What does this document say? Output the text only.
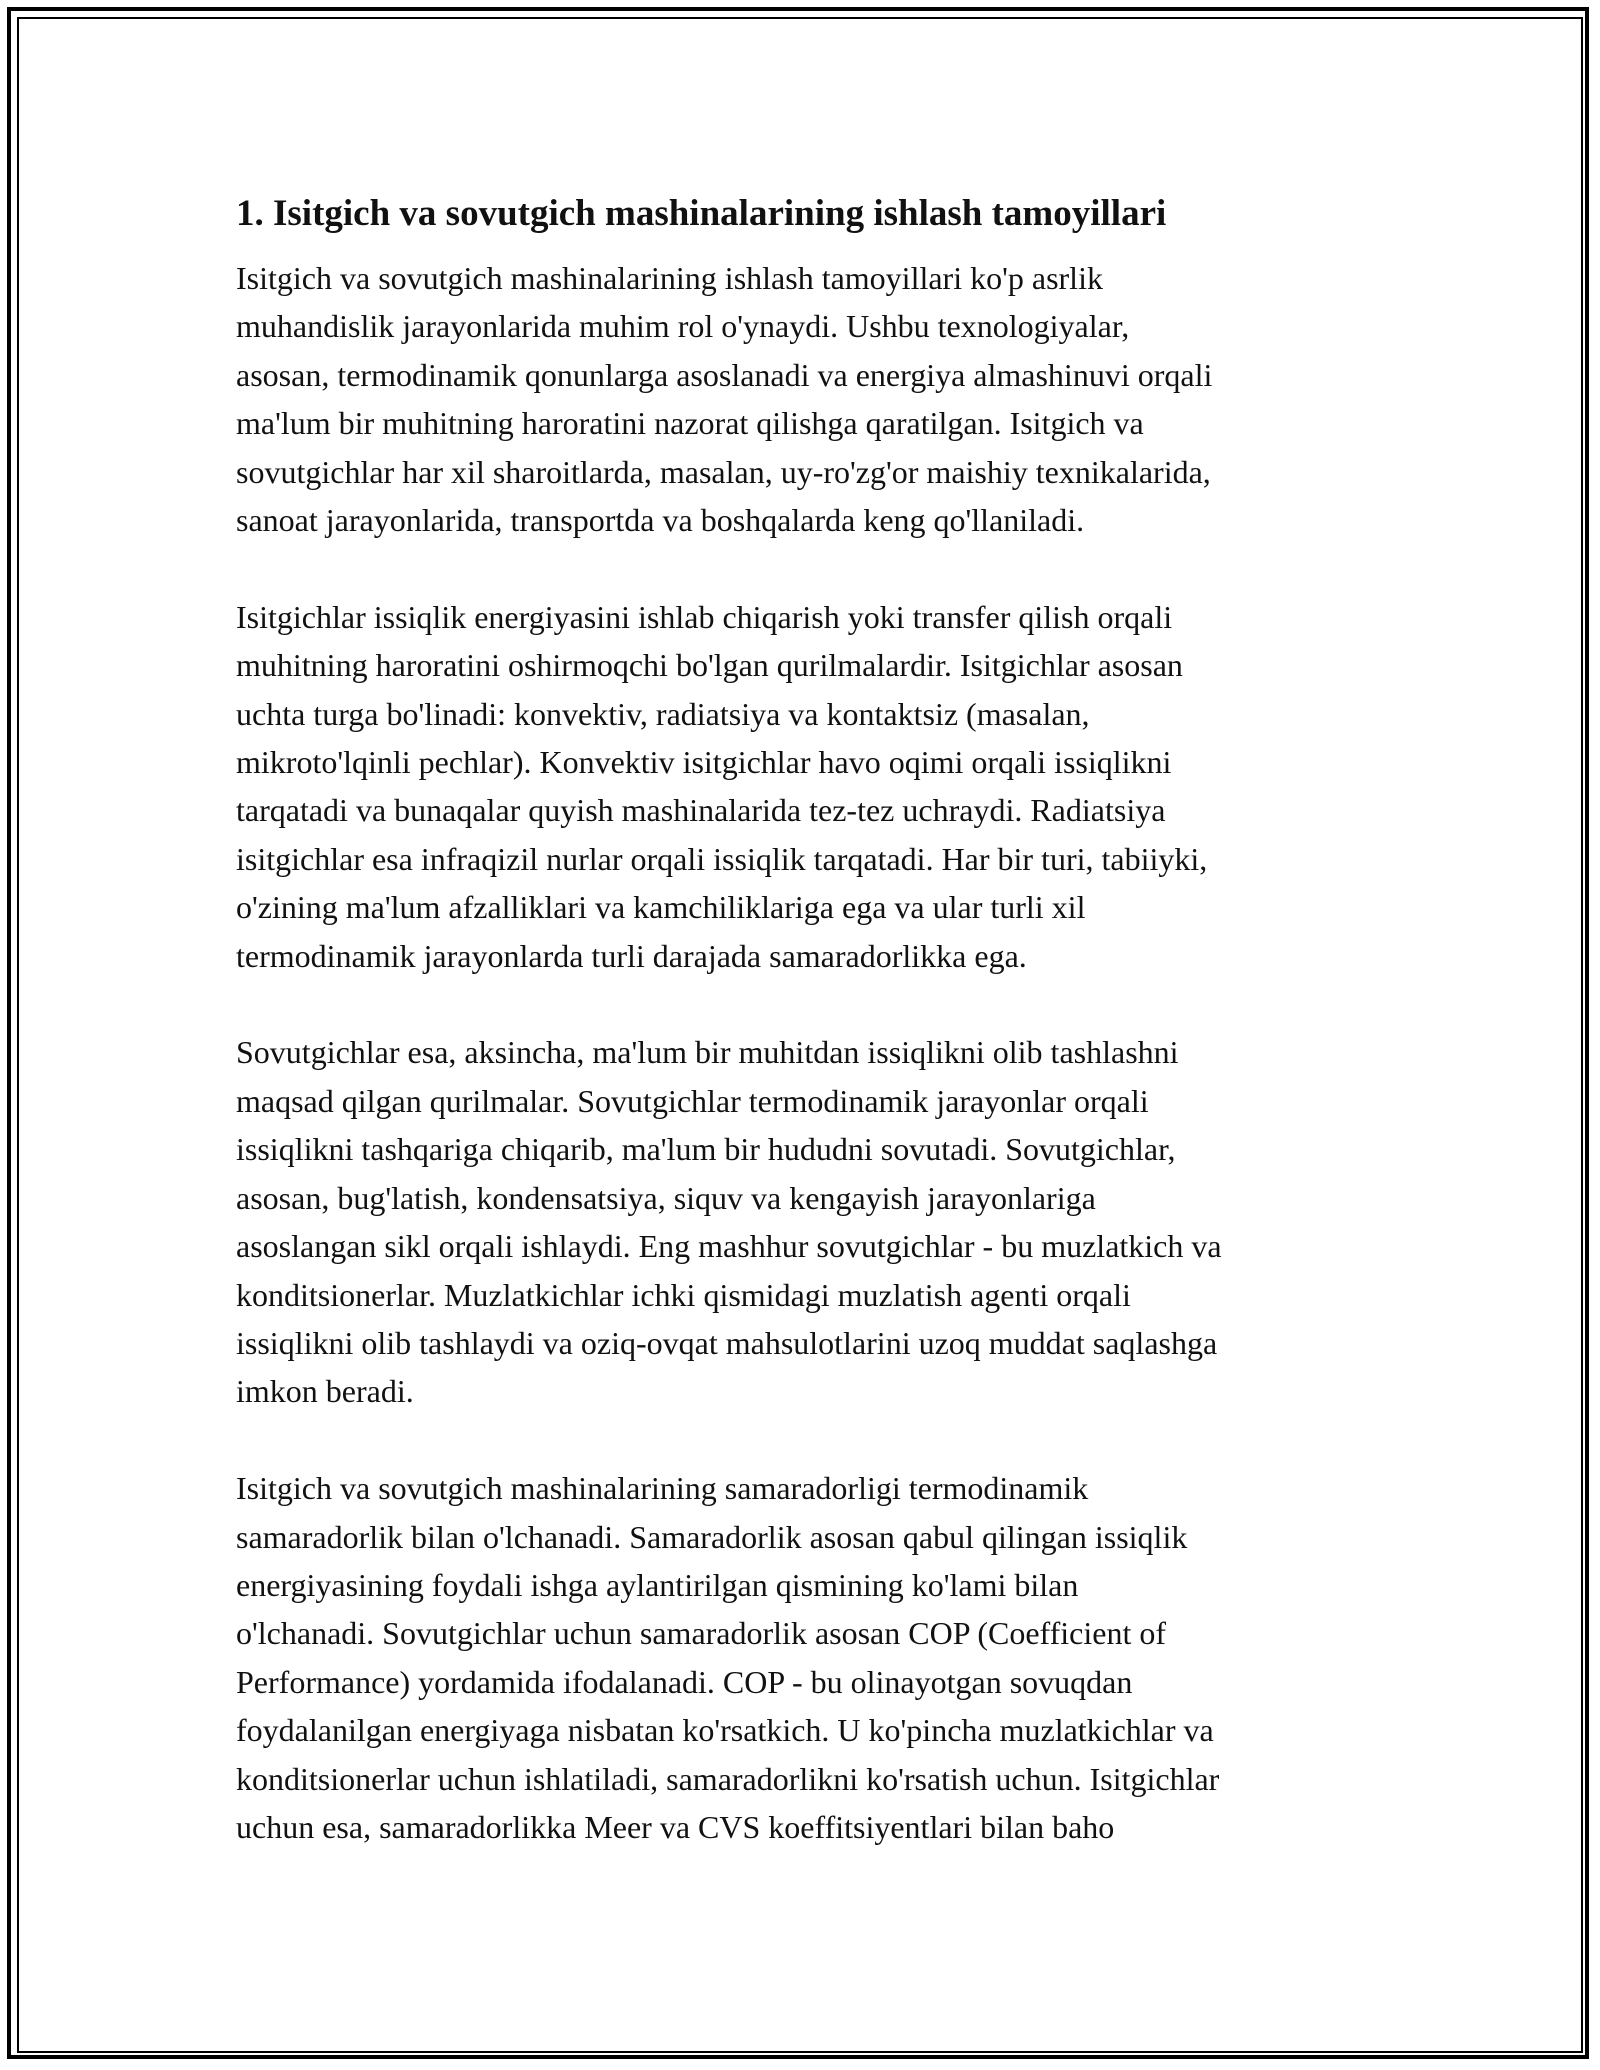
1. Isitgich va sovutgich mashinalarining ishlash tamoyillari
Isitgich va sovutgich mashinalarining ishlash tamoyillari ko'p asrlik
muhandislik jarayonlarida muhim rol o'ynaydi. Ushbu texnologiyalar,
asosan, termodinamik qonunlarga asoslanadi va energiya almashinuvi orqali
ma'lum bir muhitning haroratini nazorat qilishga qaratilgan. Isitgich va
sovutgichlar har xil sharoitlarda, masalan, uy-ro'zg'or maishiy texnikalarida,
sanoat jarayonlarida, transportda va boshqalarda keng qo'llaniladi.
Isitgichlar issiqlik energiyasini ishlab chiqarish yoki transfer qilish orqali
muhitning haroratini oshirmoqchi bo'lgan qurilmalardir. Isitgichlar asosan
uchta turga bo'linadi: konvektiv, radiatsiya va kontaktsiz (masalan,
mikroto'lqinli pechlar). Konvektiv isitgichlar havo oqimi orqali issiqlikni
tarqatadi va bunaqalar quyish mashinalarida tez-tez uchraydi. Radiatsiya
isitgichlar esa infraqizil nurlar orqali issiqlik tarqatadi. Har bir turi, tabiiyki,
o'zining ma'lum afzalliklari va kamchiliklariga ega va ular turli xil
termodinamik jarayonlarda turli darajada samaradorlikka ega.
Sovutgichlar esa, aksincha, ma'lum bir muhitdan issiqlikni olib tashlashni
maqsad qilgan qurilmalar. Sovutgichlar termodinamik jarayonlar orqali
issiqlikni tashqariga chiqarib, ma'lum bir hududni sovutadi. Sovutgichlar,
asosan, bug'latish, kondensatsiya, siquv va kengayish jarayonlariga
asoslangan sikl orqali ishlaydi. Eng mashhur sovutgichlar - bu muzlatkich va
konditsionerlar. Muzlatkichlar ichki qismidagi muzlatish agenti orqali
issiqlikni olib tashlaydi va oziq-ovqat mahsulotlarini uzoq muddat saqlashga
imkon beradi.
Isitgich va sovutgich mashinalarining samaradorligi termodinamik
samaradorlik bilan o'lchanadi. Samaradorlik asosan qabul qilingan issiqlik
energiyasining foydali ishga aylantirilgan qismining ko'lami bilan
o'lchanadi. Sovutgichlar uchun samaradorlik asosan COP (Coefficient of
Performance) yordamida ifodalanadi. COP - bu olinayotgan sovuqdan
foydalanilgan energiyaga nisbatan ko'rsatkich. U ko'pincha muzlatkichlar va
konditsionerlar uchun ishlatiladi, samaradorlikni ko'rsatish uchun. Isitgichlar
uchun esa, samaradorlikka Meer va CVS koeffitsiyentlari bilan baho
